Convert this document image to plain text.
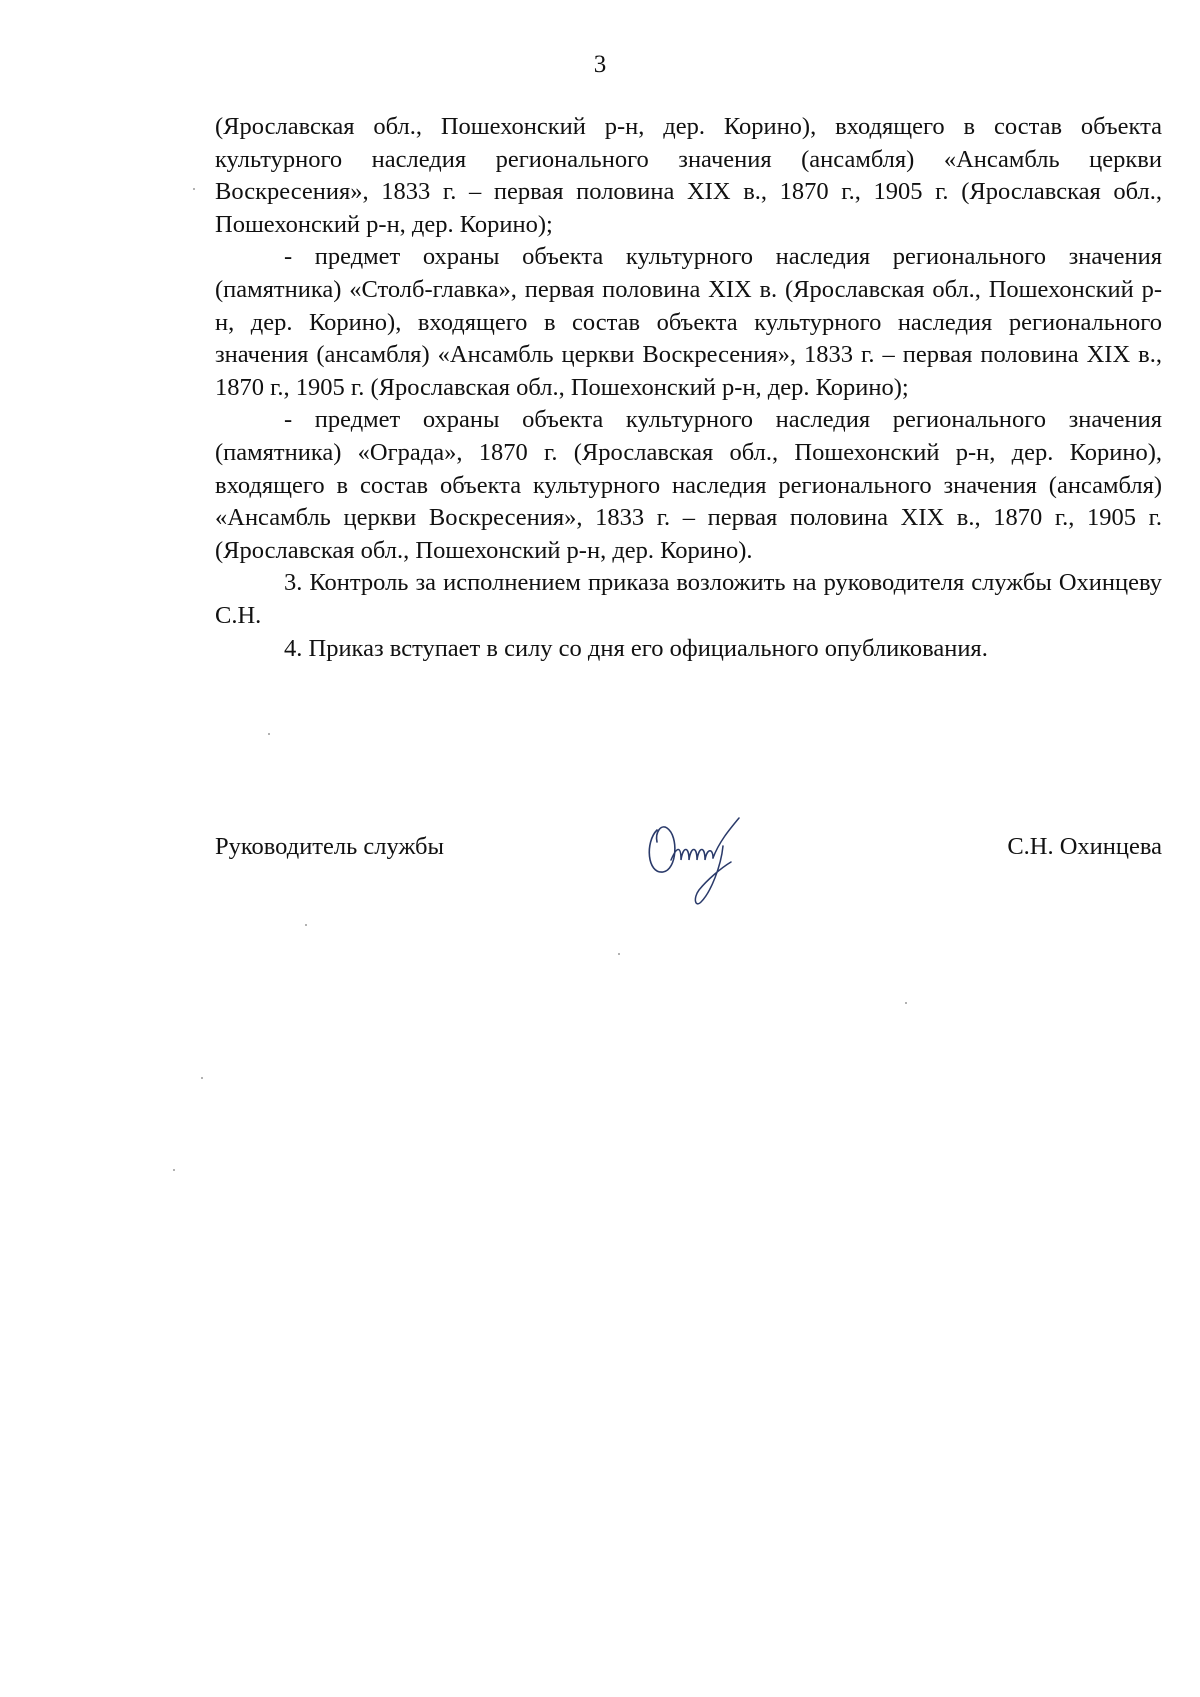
3

(Ярославская обл., Пошехонский р-н, дер. Корино), входящего в состав объекта культурного наследия регионального значения (ансамбля) «Ансамбль церкви Воскресения», 1833 г. – первая половина XIX в., 1870 г., 1905 г. (Ярославская обл., Пошехонский р-н, дер. Корино);

- предмет охраны объекта культурного наследия регионального значения (памятника) «Столб-главка», первая половина XIX в. (Ярославская обл., Пошехонский р-н, дер. Корино), входящего в состав объекта культурного наследия регионального значения (ансамбля) «Ансамбль церкви Воскресения», 1833 г. – первая половина XIX в., 1870 г., 1905 г. (Ярославская обл., Пошехонский р-н, дер. Корино);

- предмет охраны объекта культурного наследия регионального значения (памятника) «Ограда», 1870 г. (Ярославская обл., Пошехонский р-н, дер. Корино), входящего в состав объекта культурного наследия регионального значения (ансамбля) «Ансамбль церкви Воскресения», 1833 г. – первая половина XIX в., 1870 г., 1905 г. (Ярославская обл., Пошехонский р-н, дер. Корино).

3. Контроль за исполнением приказа возложить на руководителя службы Охинцеву С.Н.

4. Приказ вступает в силу со дня его официального опубликования.

Руководитель службы	С.Н. Охинцева
